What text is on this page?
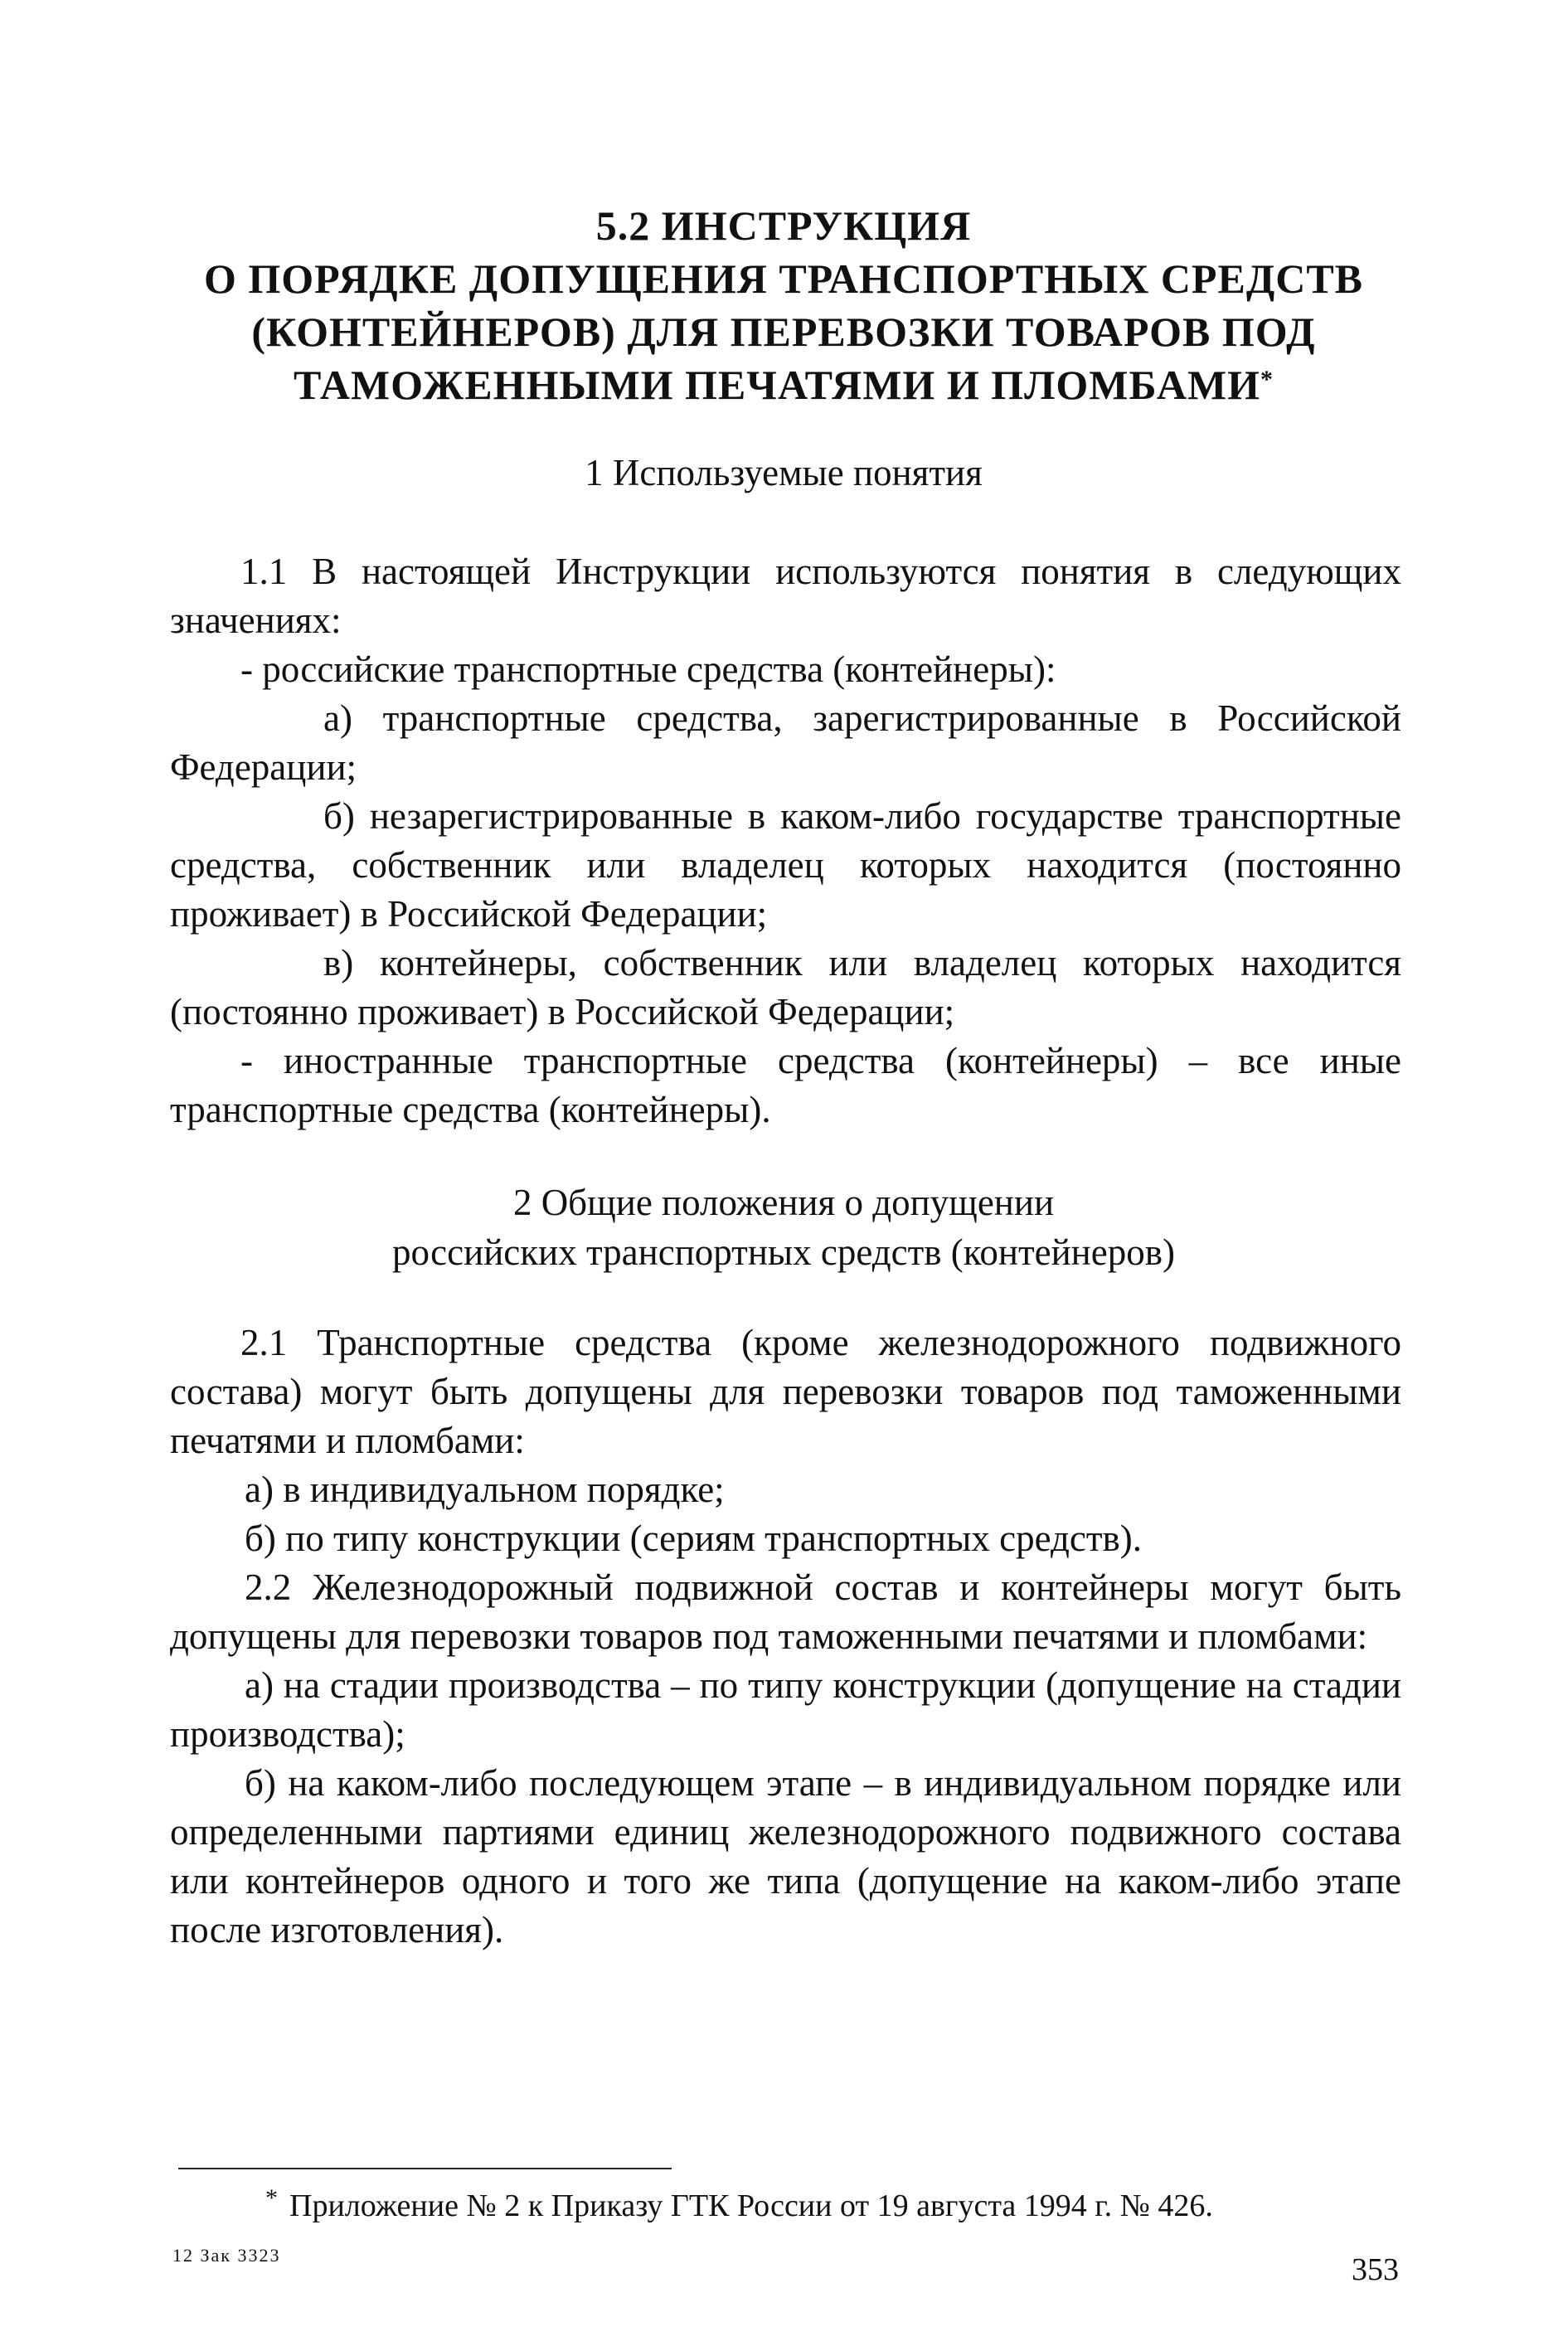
5.2 ИНСТРУКЦИЯ
О ПОРЯДКЕ ДОПУЩЕНИЯ ТРАНСПОРТНЫХ СРЕДСТВ
(КОНТЕЙНЕРОВ) ДЛЯ ПЕРЕВОЗКИ ТОВАРОВ ПОД
ТАМОЖЕННЫМИ ПЕЧАТЯМИ И ПЛОМБАМИ*
1 Используемые понятия

1.1 В настоящей Инструкции используются понятия в следующих значениях:

- российские транспортные средства (контейнеры):

а) транспортные средства, зарегистрированные в Российской Федерации;

б) незарегистрированные в каком-либо государстве транспортные средства, собственник или владелец которых находится (постоянно проживает) в Российской Федерации;

в) контейнеры, собственник или владелец которых находится (постоянно проживает) в Российской Федерации;

- иностранные транспортные средства (контейнеры) – все иные транспортные средства (контейнеры).

2 Общие положения о допущении
российских транспортных средств (контейнеров)

2.1 Транспортные средства (кроме железнодорожного подвижного состава) могут быть допущены для перевозки товаров под таможенными печатями и пломбами:

а) в индивидуальном порядке;

б) по типу конструкции (сериям транспортных средств).

2.2 Железнодорожный подвижной состав и контейнеры могут быть допущены для перевозки товаров под таможенными печатями и пломбами:

а) на стадии производства – по типу конструкции (допущение на стадии производства);

б) на каком-либо последующем этапе – в индивидуальном порядке или определенными партиями единиц железнодорожного подвижного состава или контейнеров одного и того же типа (допущение на каком-либо этапе после изготовления).

* Приложение № 2 к Приказу ГТК России от 19 августа 1994 г. № 426.
12 Зак 3323	353
